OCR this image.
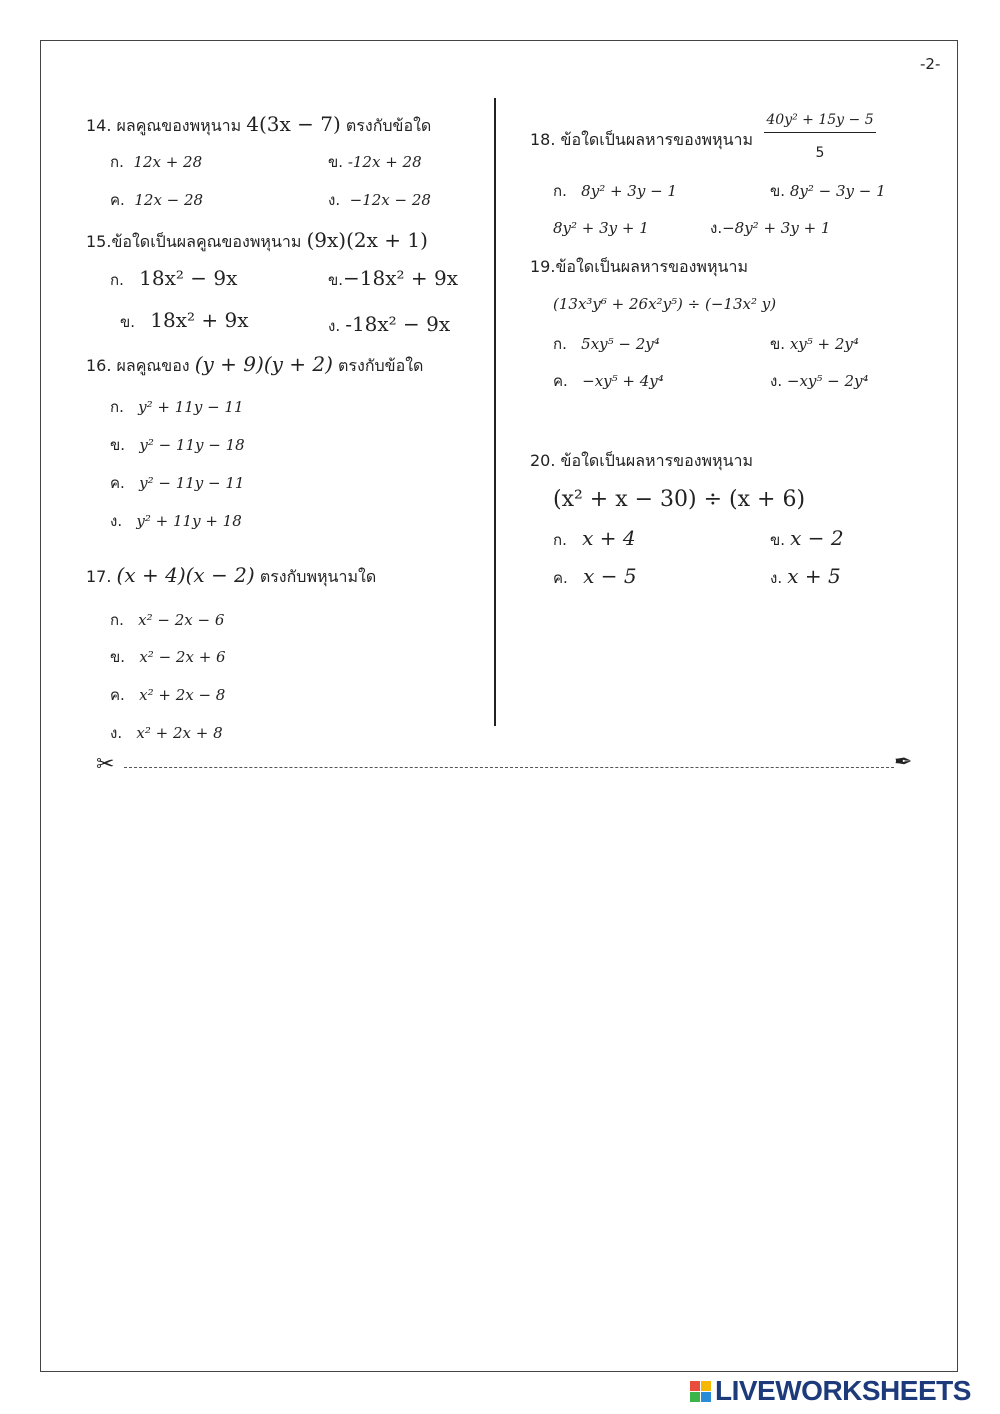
-2-
14. ผลคูณของพหุนาม 4(3x − 7) ตรงกับข้อใด
ก. 12x + 28	ข. -12x + 28
ค. 12x − 28	ง. −12x − 28
15.ข้อใดเป็นผลคูณของพหุนาม (9x)(2x + 1)
ก. 18x² − 9x	ข.−18x² + 9x
ข. 18x² + 9x	ง. -18x² − 9x
16. ผลคูณของ (y + 9)(y + 2) ตรงกับข้อใด
ก. y² + 11y − 11
ข. y² − 11y − 18
ค. y² − 11y − 11
ง. y² + 11y + 18
17. (x + 4)(x − 2) ตรงกับพหุนามใด
ก. x² − 2x − 6
ข. x² − 2x + 6
ค. x² + 2x − 8
ง. x² + 2x + 8
18. ข้อใดเป็นผลหารของพหุนาม $\frac{\text{40y² + 15y − 5}}{5}$
ก. 8y² + 3y − 1	ข. 8y² − 3y − 1
8y² + 3y + 1	ง.−8y² + 3y + 1
19.ข้อใดเป็นผลหารของพหุนาม
(13x³y⁶ + 26x²y⁵) ÷ (−13x² y)
ก. 5xy⁵ − 2y⁴	ข. xy⁵ + 2y⁴
ค. −xy⁵ + 4y⁴	ง. −xy⁵ − 2y⁴
20. ข้อใดเป็นผลหารของพหุนาม
(x² + x − 30) ÷ (x + 6)
ก. x + 4	ข. x − 2
ค. x − 5	ง. x + 5
✂	✒
LIVEWORKSHEETS
